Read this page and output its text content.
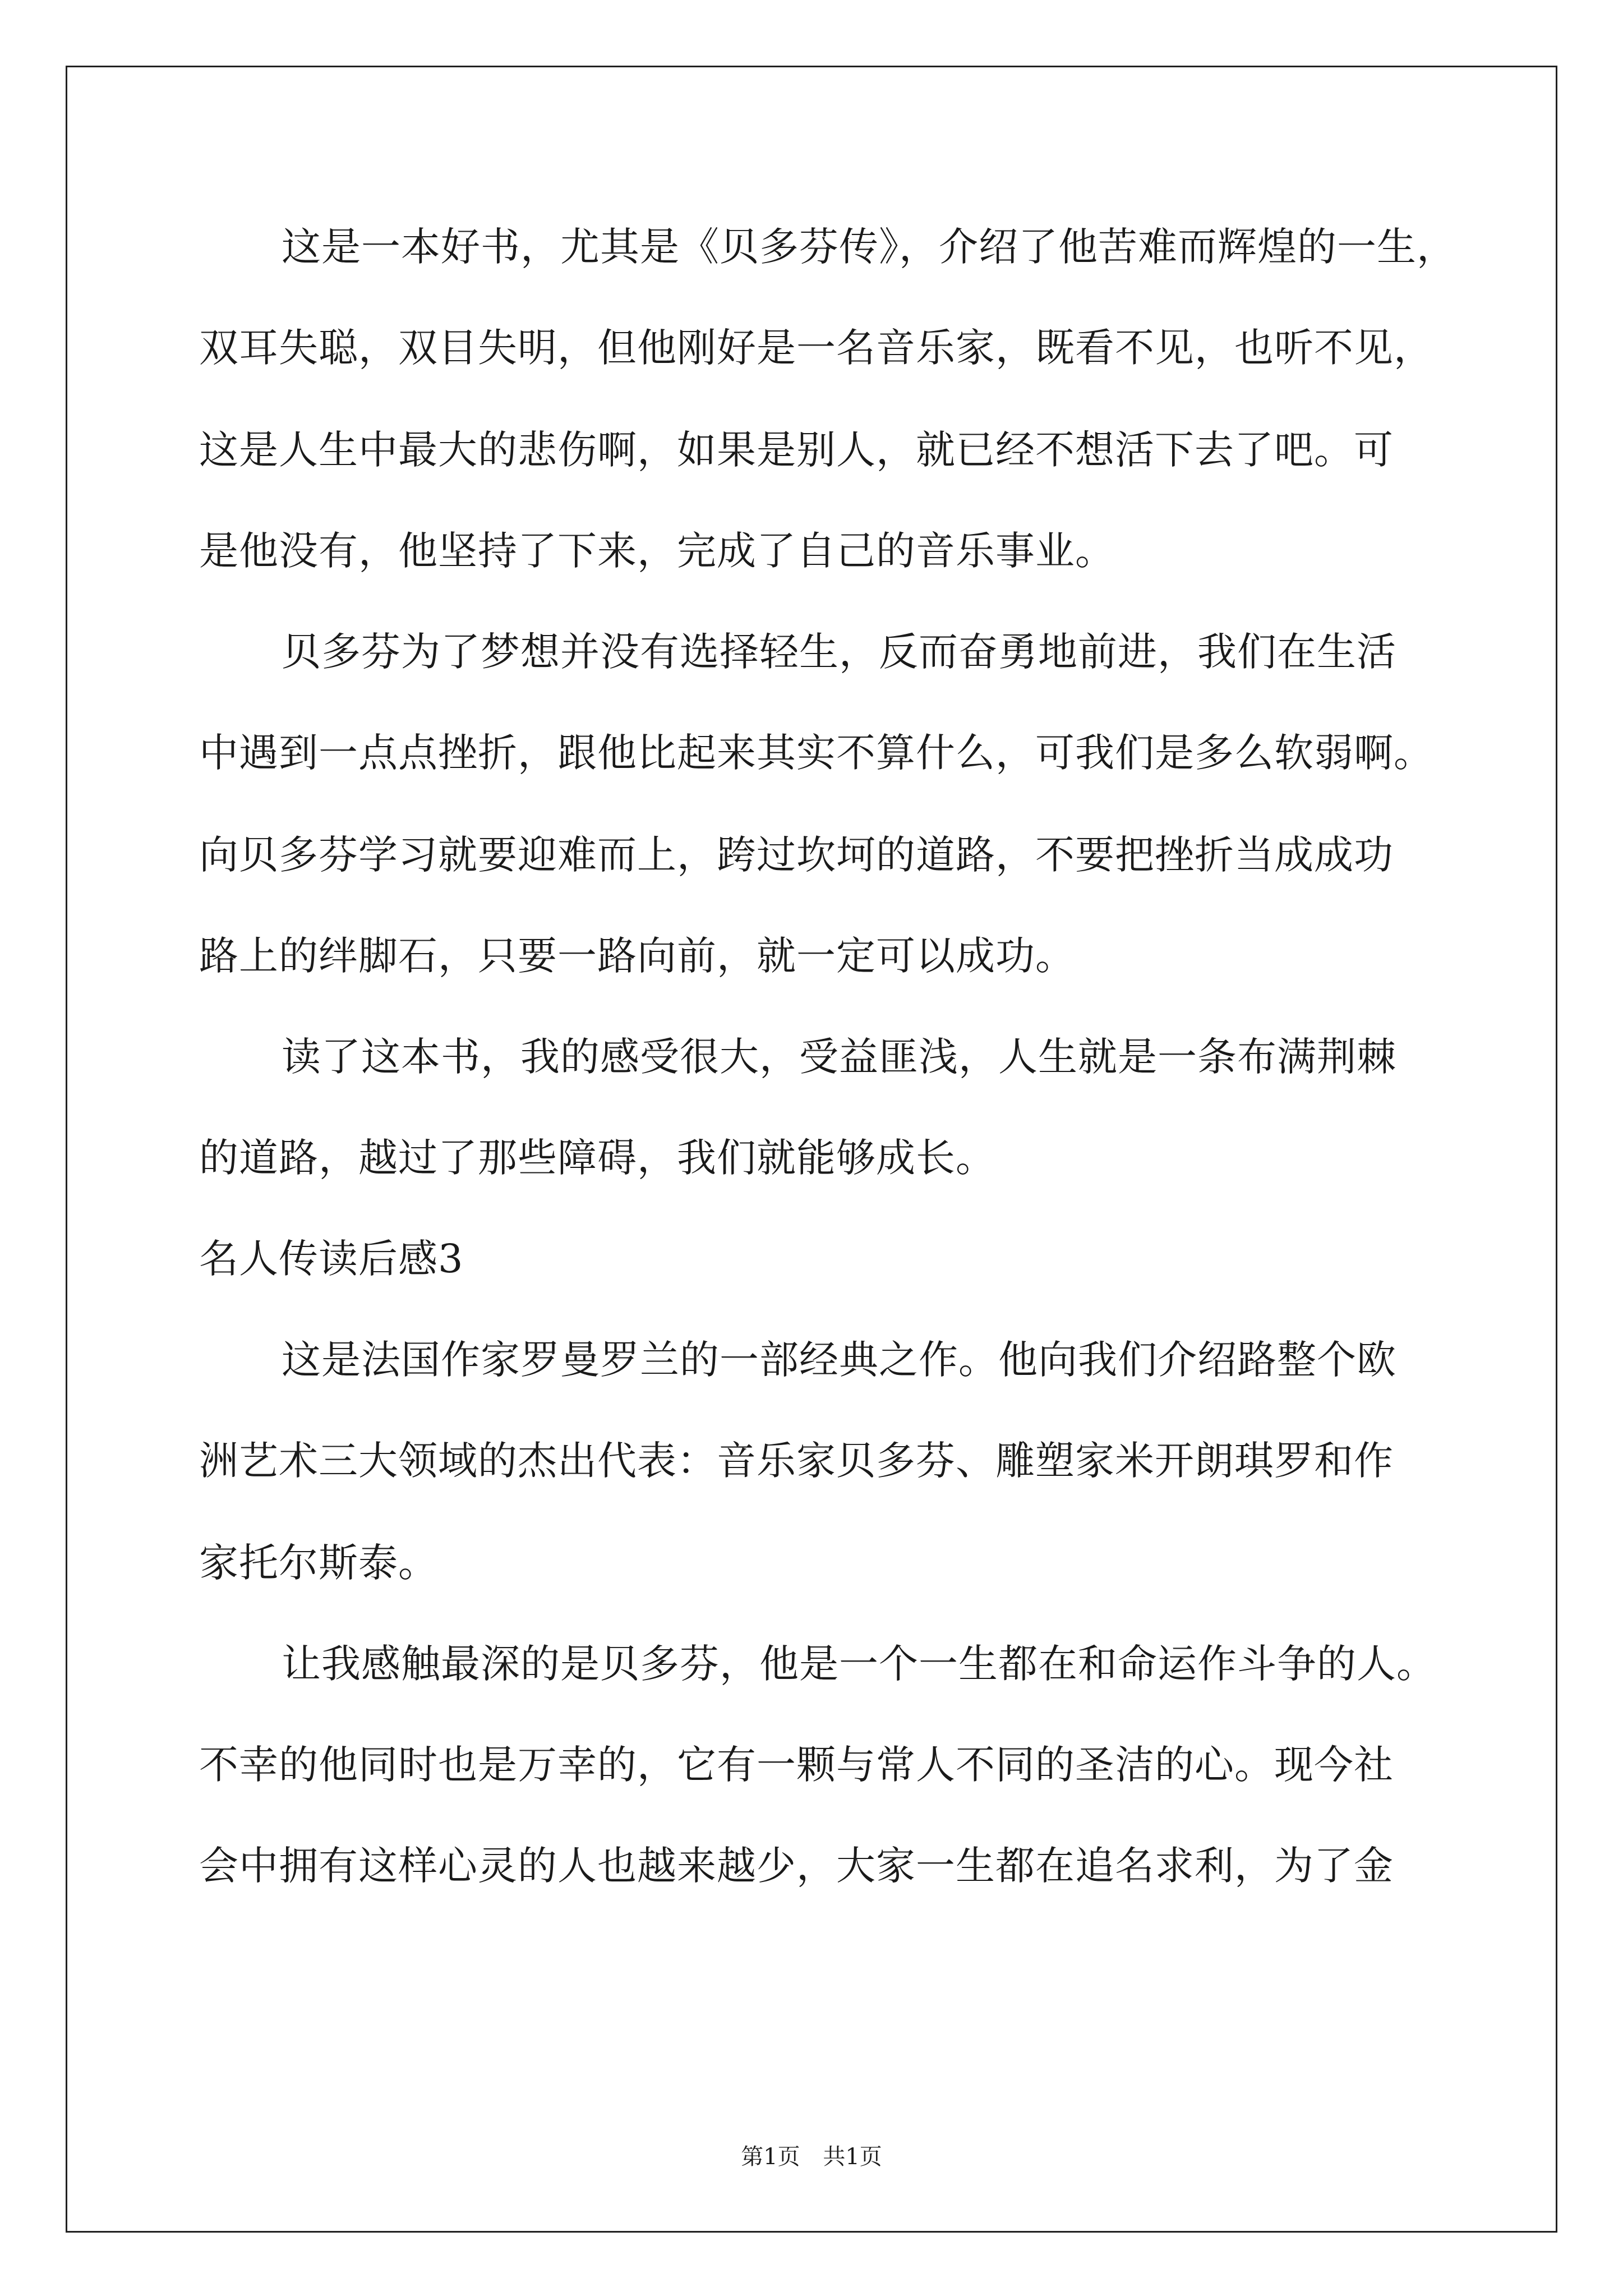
这是一本好书，尤其是《贝多芬传》，介绍了他苦难而辉煌的一生，
双耳失聪，双目失明，但他刚好是一名音乐家，既看不见，也听不见，
这是人生中最大的悲伤啊，如果是别人，就已经不想活下去了吧。可
是他没有，他坚持了下来，完成了自己的音乐事业。
贝多芬为了梦想并没有选择轻生，反而奋勇地前进，我们在生活
中遇到一点点挫折，跟他比起来其实不算什么，可我们是多么软弱啊。
向贝多芬学习就要迎难而上，跨过坎坷的道路，不要把挫折当成成功
路上的绊脚石，只要一路向前，就一定可以成功。
读了这本书，我的感受很大，受益匪浅，人生就是一条布满荆棘
的道路，越过了那些障碍，我们就能够成长。
名人传读后感3
这是法国作家罗曼罗兰的一部经典之作。他向我们介绍路整个欧
洲艺术三大领域的杰出代表：音乐家贝多芬、雕塑家米开朗琪罗和作
家托尔斯泰。
让我感触最深的是贝多芬，他是一个一生都在和命运作斗争的人。
不幸的他同时也是万幸的，它有一颗与常人不同的圣洁的心。现今社
会中拥有这样心灵的人也越来越少，大家一生都在追名求利，为了金
第1页 共1页
